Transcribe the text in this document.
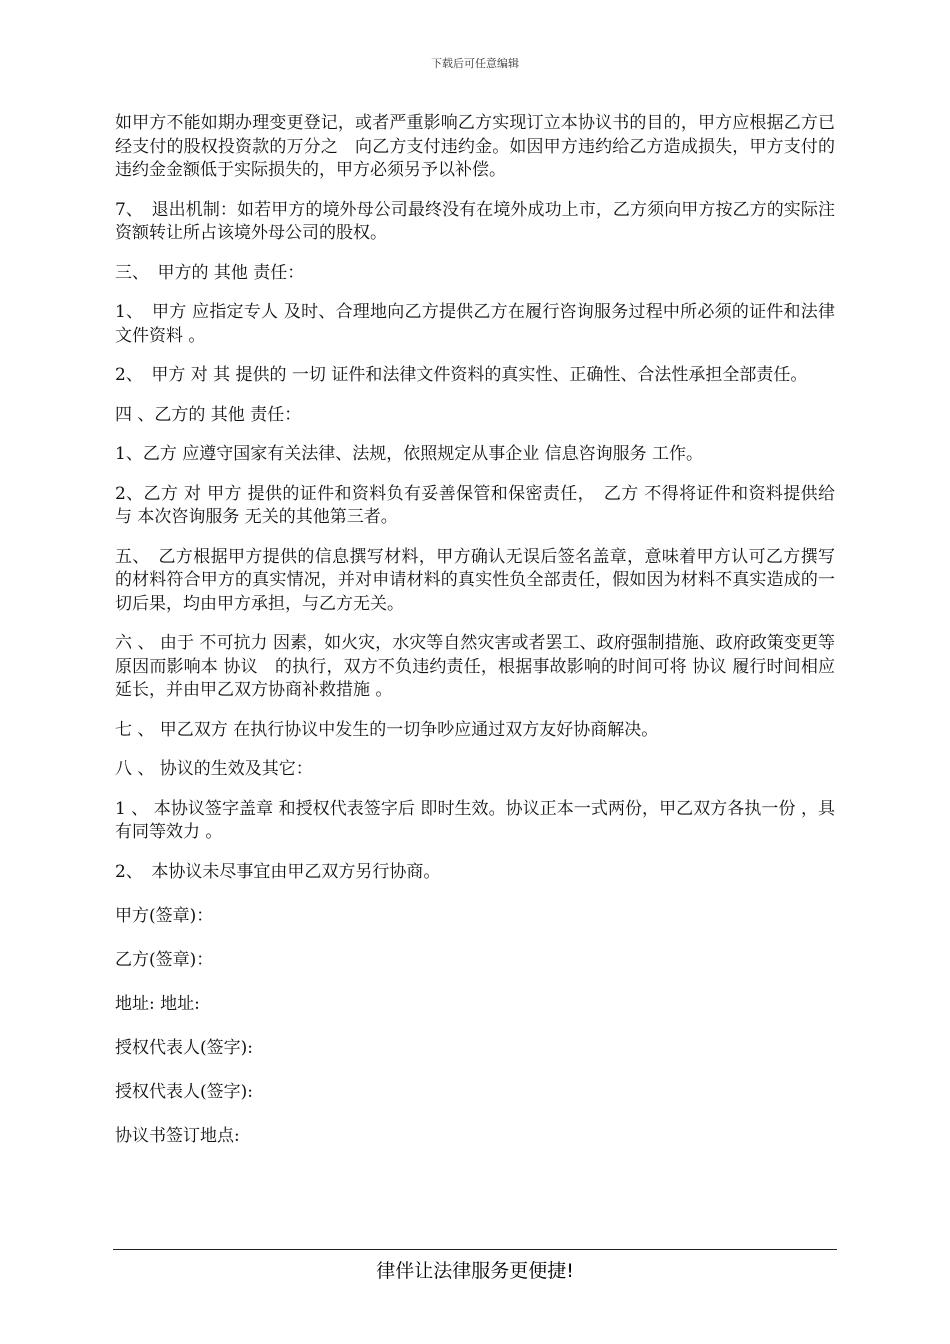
下载后可任意编辑

如甲方不能如期办理变更登记，或者严重影响乙方实现订立本协议书的目的，甲方应根据乙方已经支付的股权投资款的万分之　向乙方支付违约金。如因甲方违约给乙方造成损失，甲方支付的违约金金额低于实际损失的，甲方必须另予以补偿。

7、　退出机制：如若甲方的境外母公司最终没有在境外成功上市，乙方须向甲方按乙方的实际注资额转让所占该境外母公司的股权。

三、　甲方的 其他 责任：

1、　甲方 应指定专人 及时、合理地向乙方提供乙方在履行咨询服务过程中所必须的证件和法律文件资料 。

2、　甲方 对 其 提供的 一切 证件和法律文件资料的真实性、正确性、合法性承担全部责任。

四 、乙方的 其他 责任：

1、乙方 应遵守国家有关法律、法规，依照规定从事企业 信息咨询服务 工作。

2、乙方 对 甲方 提供的证件和资料负有妥善保管和保密责任，　乙方 不得将证件和资料提供给与 本次咨询服务 无关的其他第三者。

五、　乙方根据甲方提供的信息撰写材料，甲方确认无误后签名盖章，意味着甲方认可乙方撰写的材料符合甲方的真实情况，并对申请材料的真实性负全部责任，假如因为材料不真实造成的一切后果，均由甲方承担，与乙方无关。

六 、 由于 不可抗力 因素，如火灾，水灾等自然灾害或者罢工、政府强制措施、政府政策变更等原因而影响本 协议　的执行，双方不负违约责任，根据事故影响的时间可将 协议 履行时间相应延长，并由甲乙双方协商补救措施 。

七 、 甲乙双方 在执行协议中发生的一切争吵应通过双方友好协商解决。

八 、 协议的生效及其它：

1 、 本协议签字盖章 和授权代表签字后 即时生效。协议正本一式两份，甲乙双方各执一份 ，具有同等效力 。

2、　本协议未尽事宜由甲乙双方另行协商。

甲方(签章)：
乙方(签章)：
地址: 地址:
授权代表人(签字):
授权代表人(签字):
协议书签订地点:
律伴让法律服务更便捷!
